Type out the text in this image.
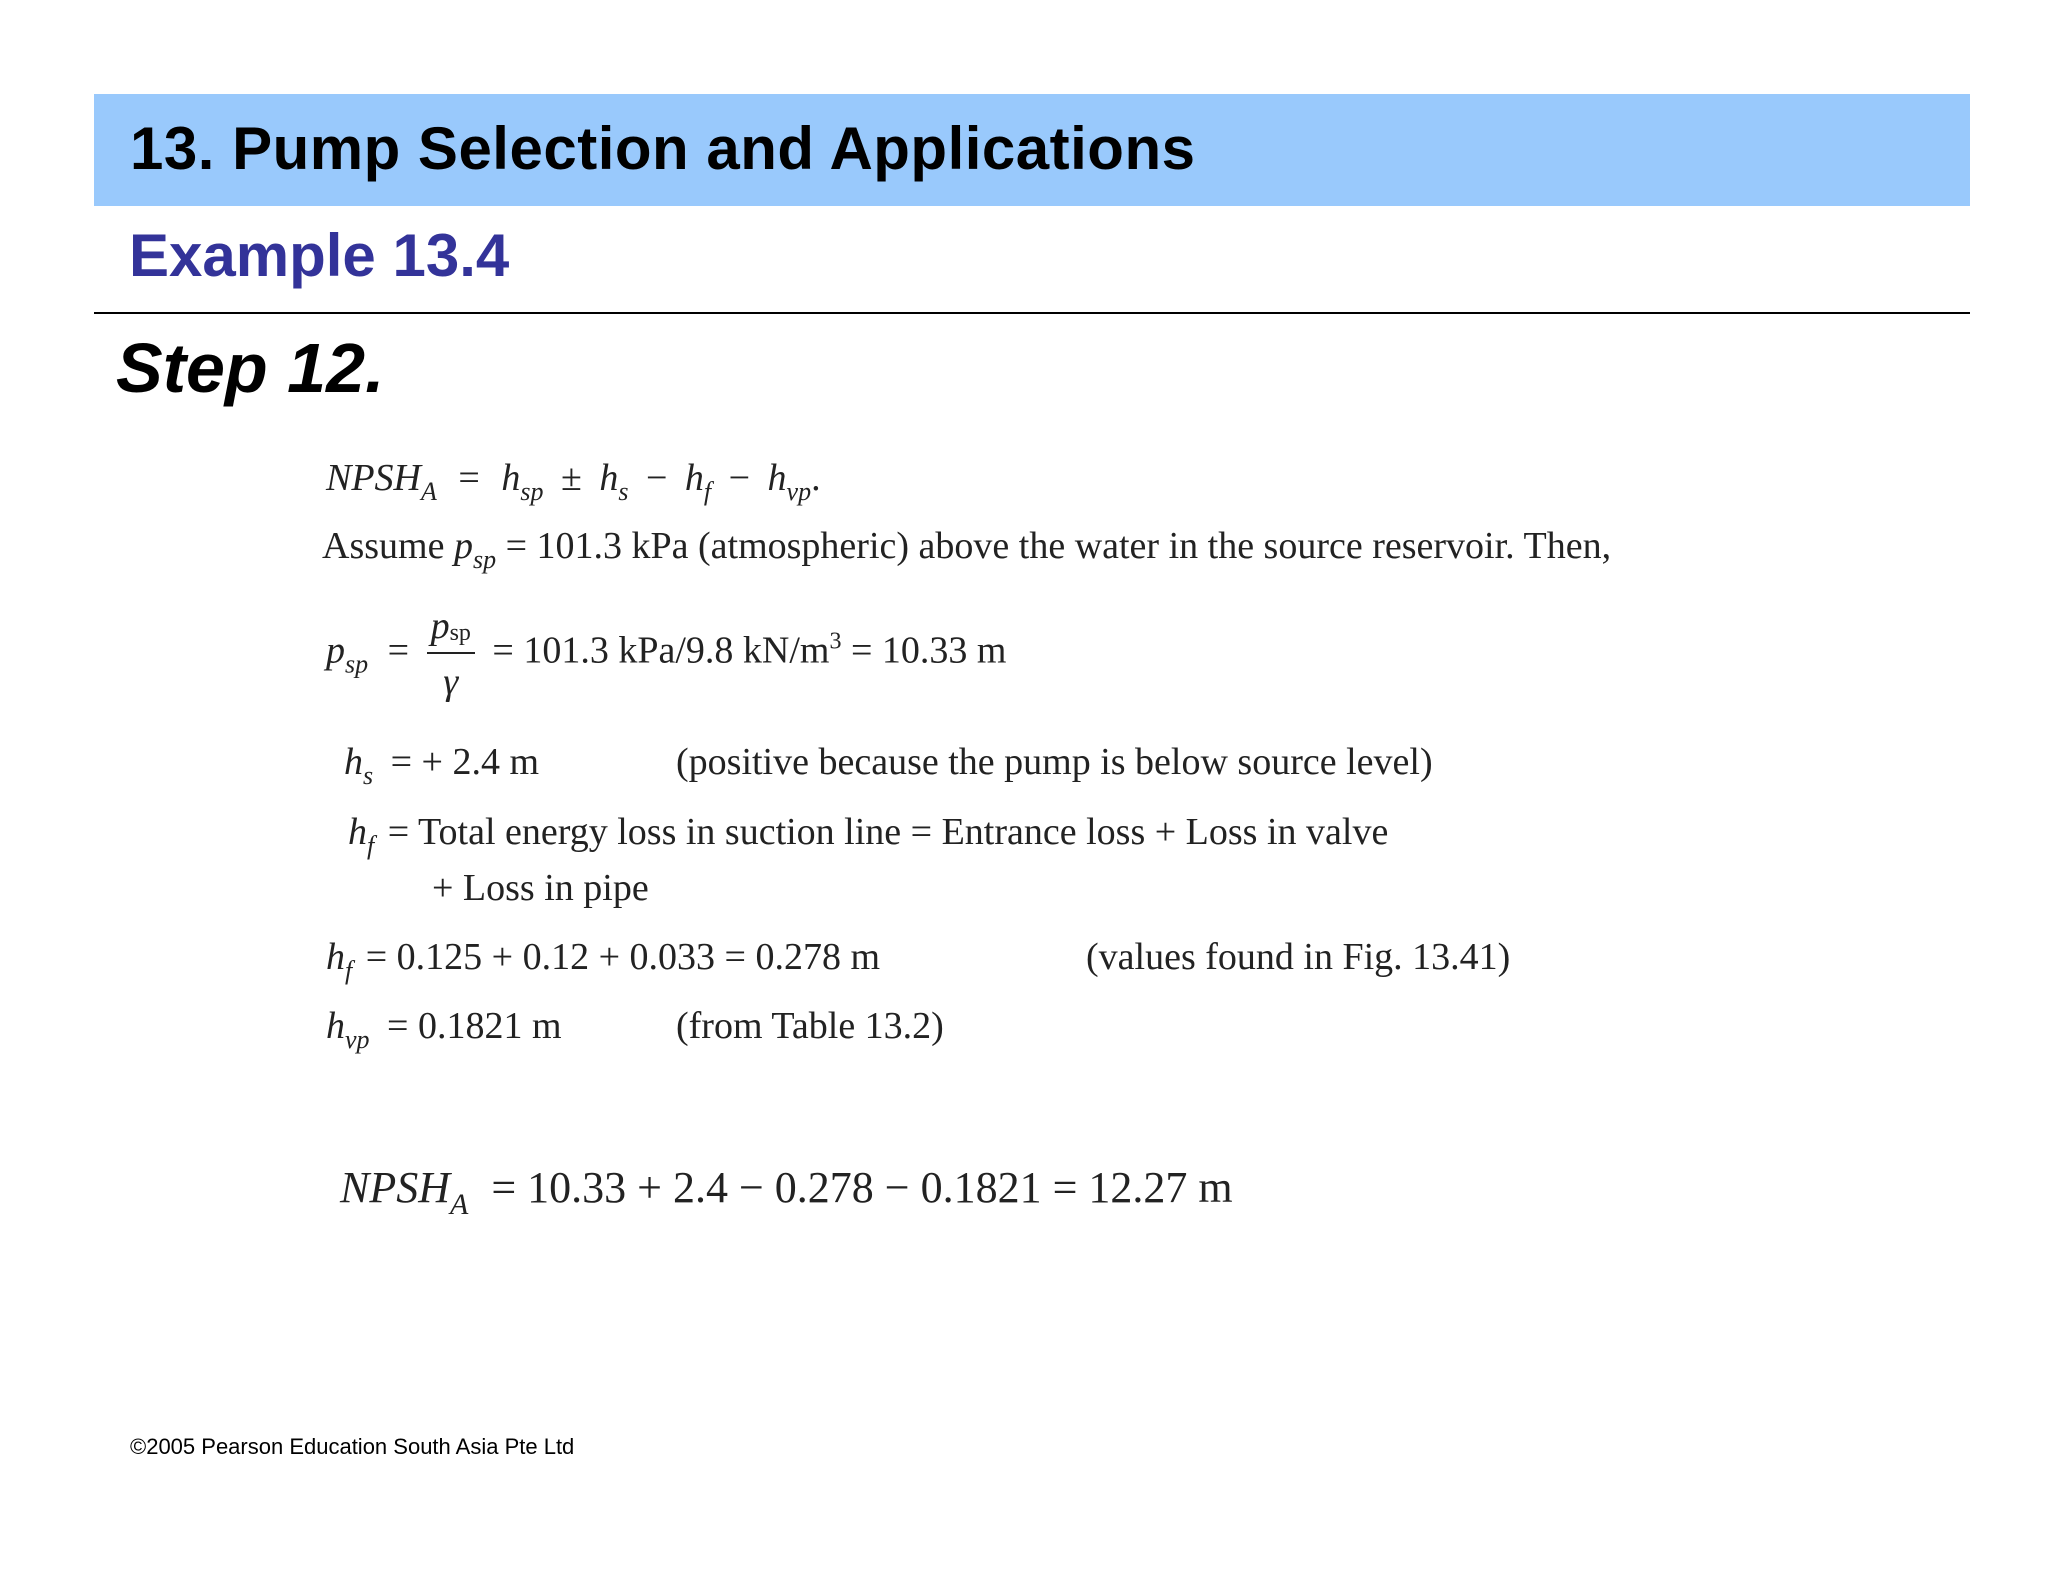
13. Pump Selection and Applications
Example 13.4
Step 12.
$NPSH_A = h_{sp} \pm h_s - h_f - h_{vp}$.
Assume $p_{sp} = 101.3$ kPa (atmospheric) above the water in the source reservoir. Then,
$p_{sp} = \frac{p_{sp}}{\gamma} = 101.3$ kPa/9.8 $kN/m^3 = 10.33$ m
$h_s$ = + 2.4 m	(positive because the pump is below source level)
$h_f$ = Total energy loss in suction line = Entrance loss + Loss in valve
+ Loss in pipe
$h_f = 0.125 + 0.12 + 0.033 = 0.278$ m	(values found in Fig. 13.41)
$h_{vp} = 0.1821$ m	(from Table 13.2)
$NPSH_A = 10.33 + 2.4 - 0.278 - 0.1821 = 12.27$ m
©2005 Pearson Education South Asia Pte Ltd
